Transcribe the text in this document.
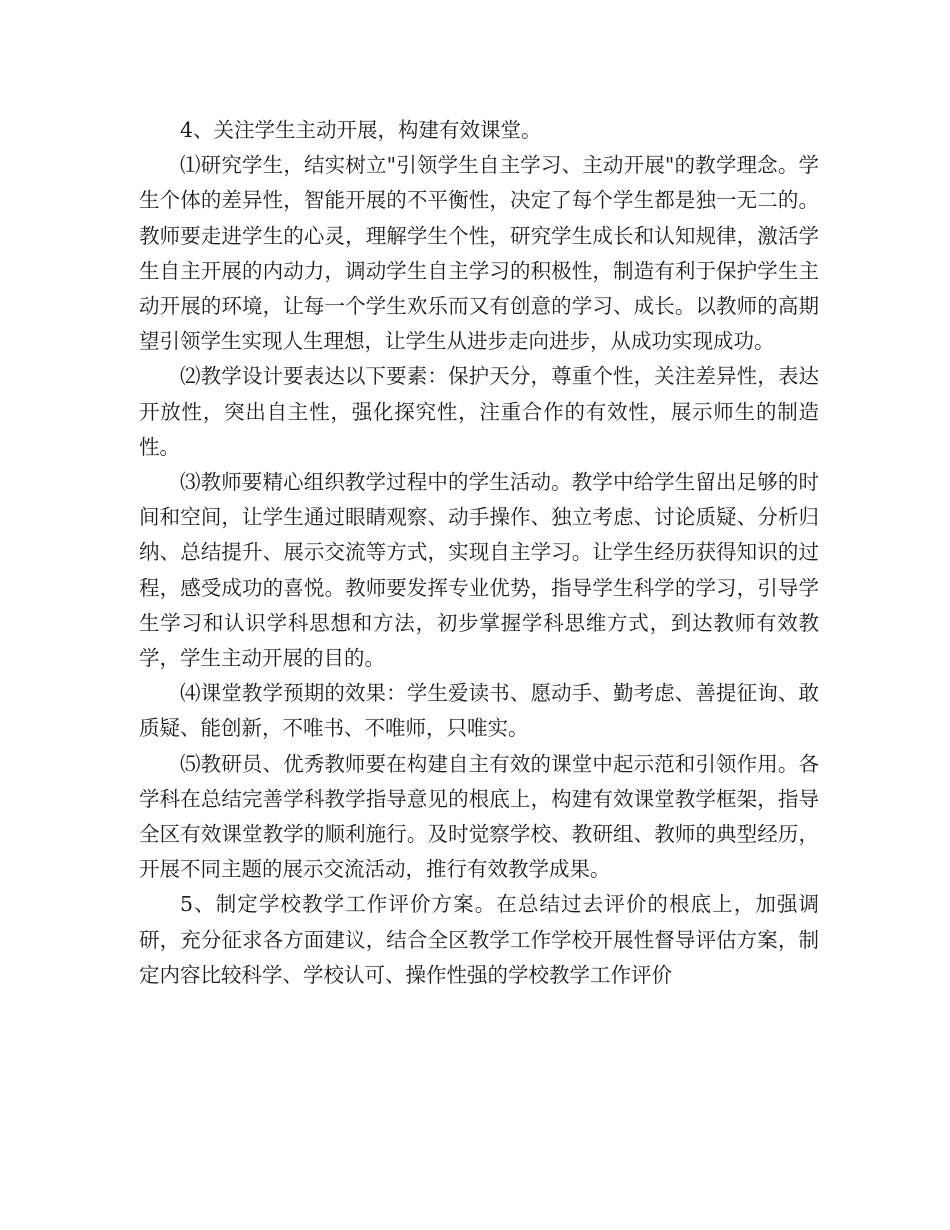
4、关注学生主动开展，构建有效课堂。

⑴研究学生，结实树立"引领学生自主学习、主动开展"的教学理念。学生个体的差异性，智能开展的不平衡性，决定了每个学生都是独一无二的。教师要走进学生的心灵，理解学生个性，研究学生成长和认知规律，激活学生自主开展的内动力，调动学生自主学习的积极性，制造有利于保护学生主动开展的环境，让每一个学生欢乐而又有创意的学习、成长。以教师的高期望引领学生实现人生理想，让学生从进步走向进步，从成功实现成功。

⑵教学设计要表达以下要素：保护天分，尊重个性，关注差异性，表达开放性，突出自主性，强化探究性，注重合作的有效性，展示师生的制造性。

⑶教师要精心组织教学过程中的学生活动。教学中给学生留出足够的时间和空间，让学生通过眼睛观察、动手操作、独立考虑、讨论质疑、分析归纳、总结提升、展示交流等方式，实现自主学习。让学生经历获得知识的过程，感受成功的喜悦。教师要发挥专业优势，指导学生科学的学习，引导学生学习和认识学科思想和方法，初步掌握学科思维方式，到达教师有效教学，学生主动开展的目的。

⑷课堂教学预期的效果：学生爱读书、愿动手、勤考虑、善提征询、敢质疑、能创新，不唯书、不唯师，只唯实。

⑸教研员、优秀教师要在构建自主有效的课堂中起示范和引领作用。各学科在总结完善学科教学指导意见的根底上，构建有效课堂教学框架，指导全区有效课堂教学的顺利施行。及时觉察学校、教研组、教师的典型经历，开展不同主题的展示交流活动，推行有效教学成果。

5、制定学校教学工作评价方案。在总结过去评价的根底上，加强调研，充分征求各方面建议，结合全区教学工作学校开展性督导评估方案，制定内容比较科学、学校认可、操作性强的学校教学工作评价
